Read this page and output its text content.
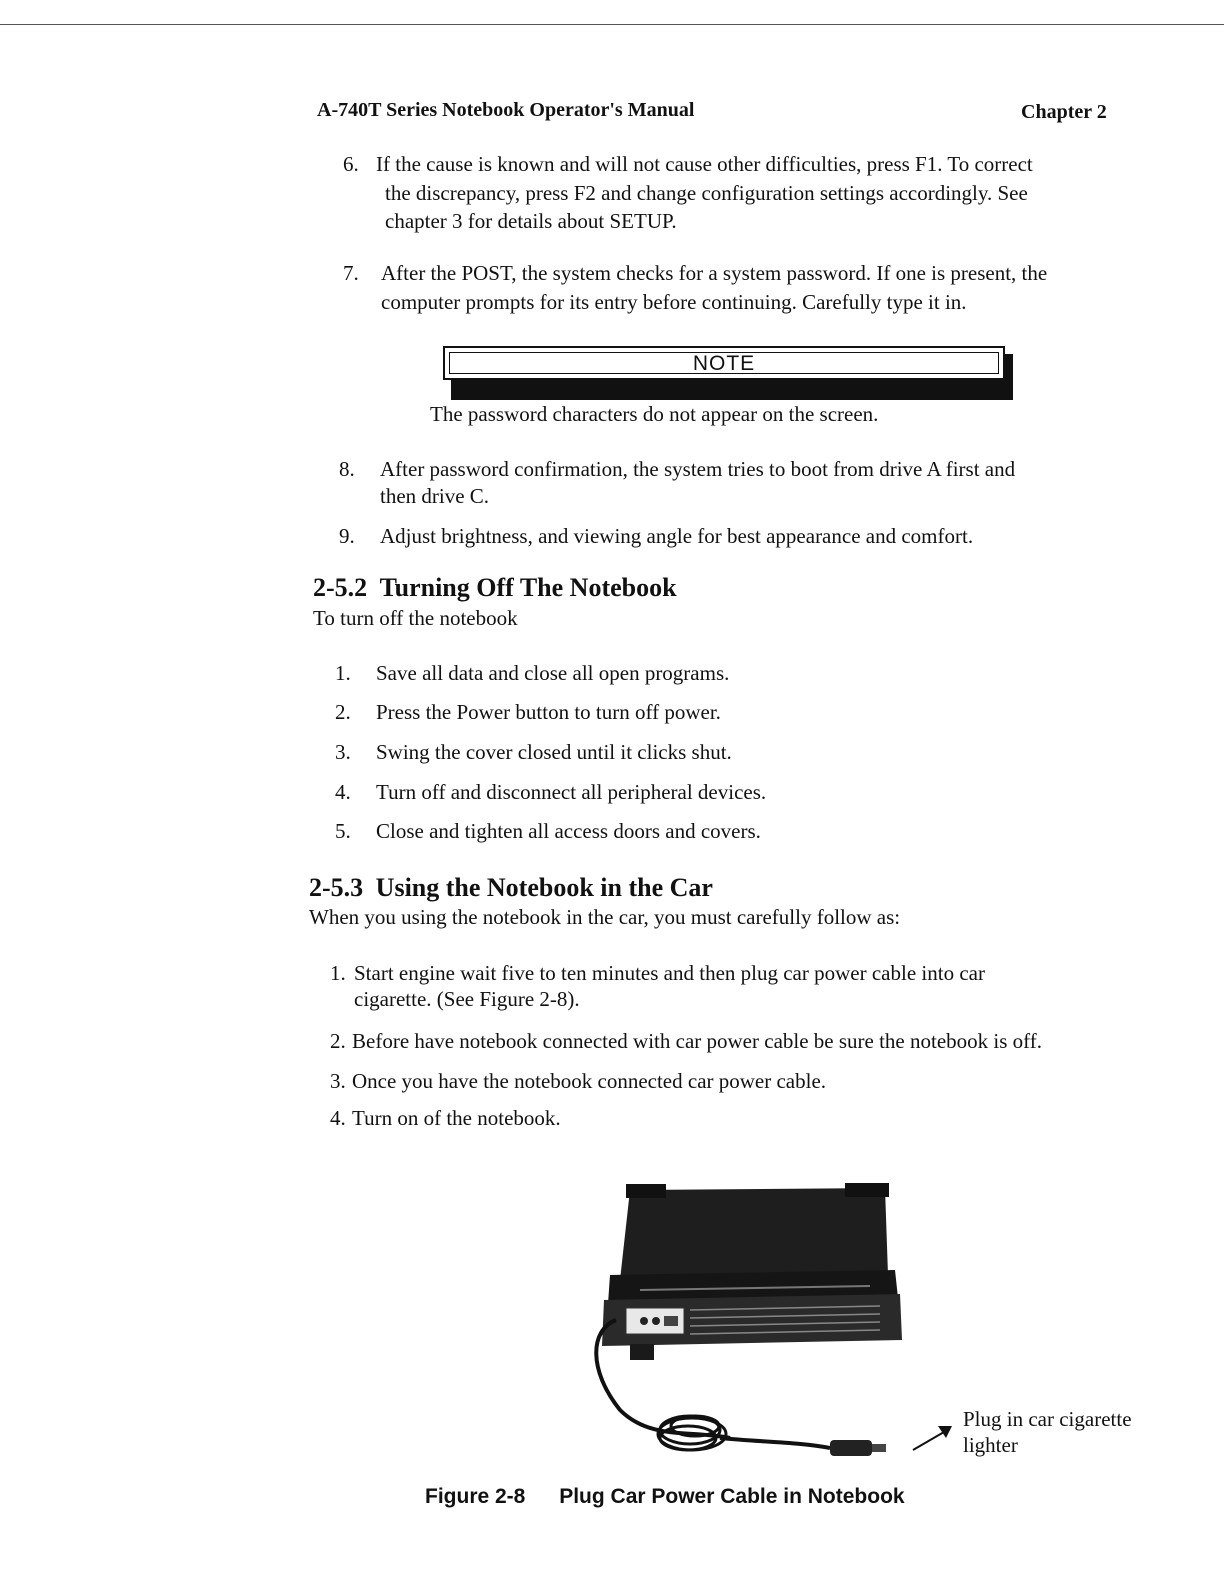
A-740T Series Notebook Operator's Manual	Chapter 2
6. If the cause is known and will not cause other difficulties, press F1. To correct
the discrepancy, press F2 and change configuration settings accordingly. See
chapter 3 for details about SETUP.
7. After the POST, the system checks for a system password. If one is present, the
computer prompts for its entry before continuing. Carefully type it in.
NOTE
The password characters do not appear on the screen.
8. After password confirmation, the system tries to boot from drive A first and
then drive C.
9. Adjust brightness, and viewing angle for best appearance and comfort.
2-5.2 Turning Off The Notebook
To turn off the notebook
1. Save all data and close all open programs.
2. Press the Power button to turn off power.
3. Swing the cover closed until it clicks shut.
4. Turn off and disconnect all peripheral devices.
5. Close and tighten all access doors and covers.
2-5.3 Using the Notebook in the Car
When you using the notebook in the car, you must carefully follow as:
1. Start engine wait five to ten minutes and then plug car power cable into car
cigarette. (See Figure 2-8).
2. Before have notebook connected with car power cable be sure the notebook is off.
3. Once you have the notebook connected car power cable.
4. Turn on of the notebook.
Plug in car cigarette
lighter
Figure 2-8 Plug Car Power Cable in Notebook
